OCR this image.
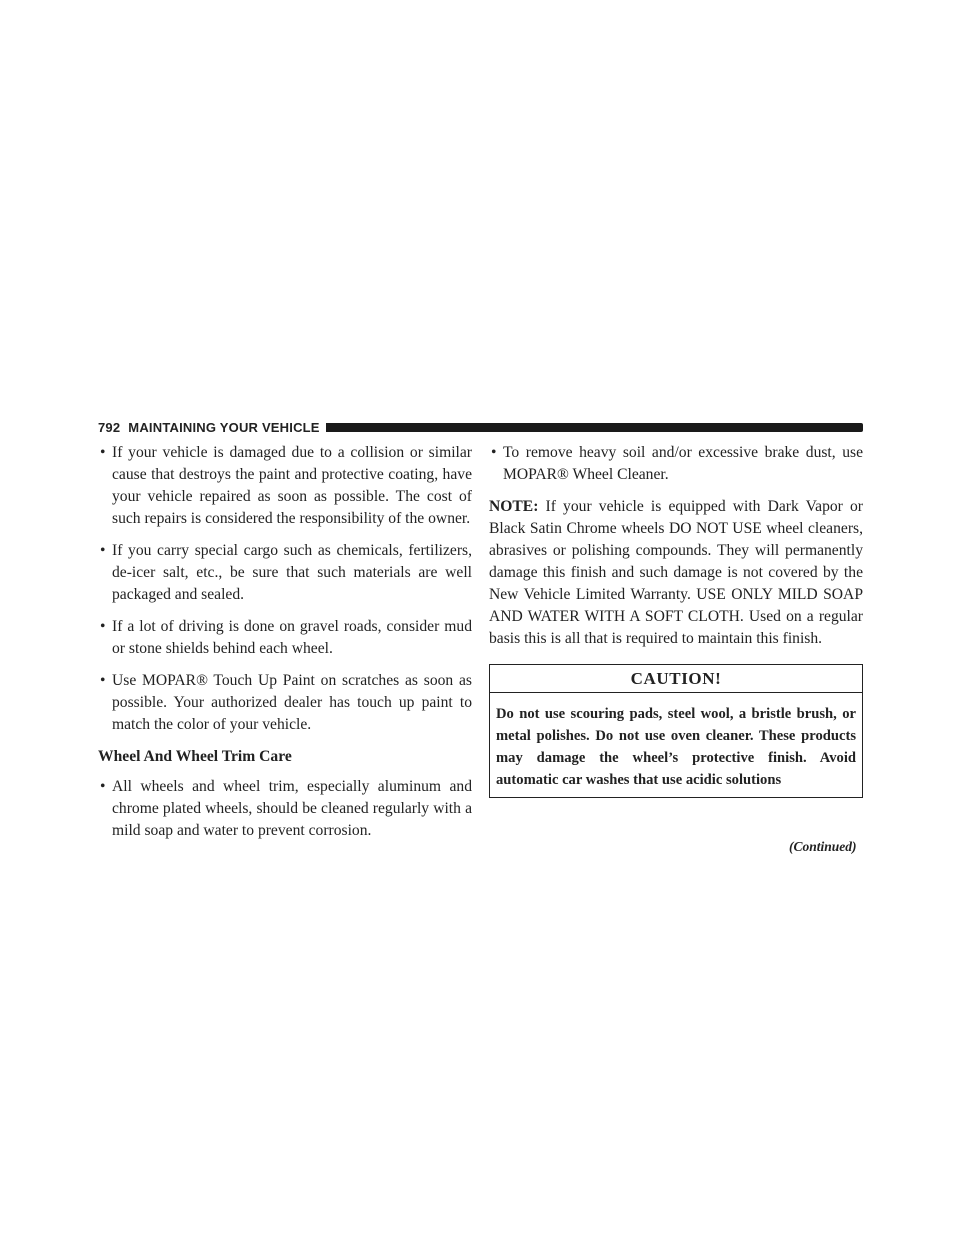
792 MAINTAINING YOUR VEHICLE
• If your vehicle is damaged due to a collision or similar cause that destroys the paint and protective coating, have your vehicle repaired as soon as possible. The cost of such repairs is considered the responsibility of the owner.
• If you carry special cargo such as chemicals, fertilizers, de-icer salt, etc., be sure that such materials are well packaged and sealed.
• If a lot of driving is done on gravel roads, consider mud or stone shields behind each wheel.
• Use MOPAR® Touch Up Paint on scratches as soon as possible. Your authorized dealer has touch up paint to match the color of your vehicle.
Wheel And Wheel Trim Care
• All wheels and wheel trim, especially aluminum and chrome plated wheels, should be cleaned regularly with a mild soap and water to prevent corrosion.
• To remove heavy soil and/or excessive brake dust, use MOPAR® Wheel Cleaner.

NOTE: If your vehicle is equipped with Dark Vapor or Black Satin Chrome wheels DO NOT USE wheel cleaners, abrasives or polishing compounds. They will permanently damage this finish and such damage is not covered by the New Vehicle Limited Warranty. USE ONLY MILD SOAP AND WATER WITH A SOFT CLOTH. Used on a regular basis this is all that is required to maintain this finish.

CAUTION!
Do not use scouring pads, steel wool, a bristle brush, or metal polishes. Do not use oven cleaner. These products may damage the wheel’s protective finish. Avoid automatic car washes that use acidic solutions
(Continued)
